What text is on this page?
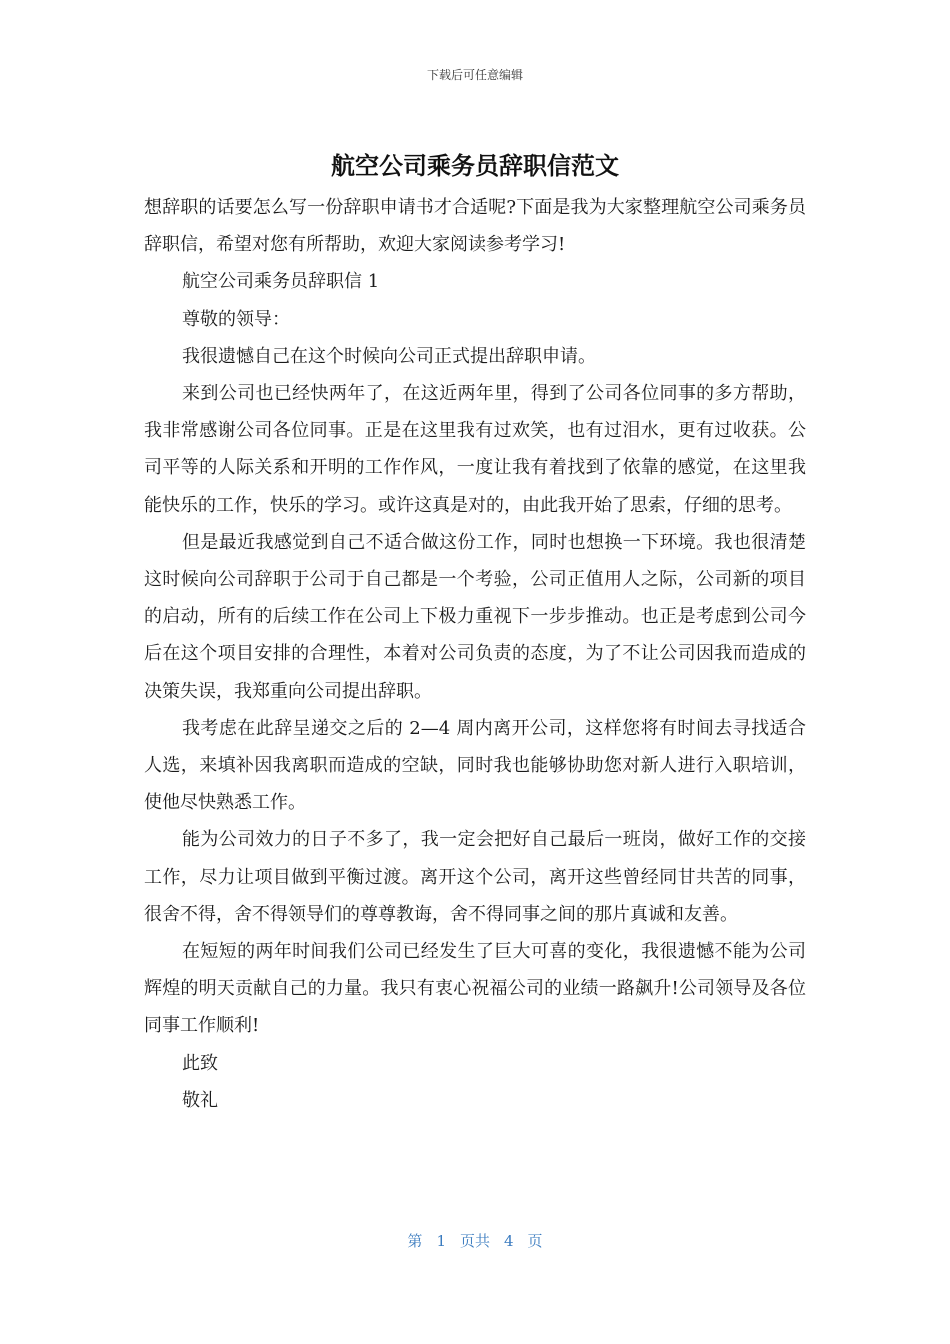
下载后可任意编辑
航空公司乘务员辞职信范文

想辞职的话要怎么写一份辞职申请书才合适呢?下面是我为大家整理航空公司乘务员辞职信，希望对您有所帮助，欢迎大家阅读参考学习!

航空公司乘务员辞职信 1

尊敬的领导：

我很遗憾自己在这个时候向公司正式提出辞职申请。

来到公司也已经快两年了，在这近两年里，得到了公司各位同事的多方帮助，我非常感谢公司各位同事。正是在这里我有过欢笑，也有过泪水，更有过收获。公司平等的人际关系和开明的工作作风，一度让我有着找到了依靠的感觉，在这里我能快乐的工作，快乐的学习。或许这真是对的，由此我开始了思索，仔细的思考。

但是最近我感觉到自己不适合做这份工作，同时也想换一下环境。我也很清楚这时候向公司辞职于公司于自己都是一个考验，公司正值用人之际，公司新的项目的启动，所有的后续工作在公司上下极力重视下一步步推动。也正是考虑到公司今后在这个项目安排的合理性，本着对公司负责的态度，为了不让公司因我而造成的决策失误，我郑重向公司提出辞职。

我考虑在此辞呈递交之后的 2—4 周内离开公司，这样您将有时间去寻找适合人选，来填补因我离职而造成的空缺，同时我也能够协助您对新人进行入职培训，使他尽快熟悉工作。

能为公司效力的日子不多了，我一定会把好自己最后一班岗，做好工作的交接工作，尽力让项目做到平衡过渡。离开这个公司，离开这些曾经同甘共苦的同事，很舍不得，舍不得领导们的尊尊教诲，舍不得同事之间的那片真诚和友善。

在短短的两年时间我们公司已经发生了巨大可喜的变化，我很遗憾不能为公司辉煌的明天贡献自己的力量。我只有衷心祝福公司的业绩一路飙升!公司领导及各位同事工作顺利!

此致

敬礼

第 1 页共 4 页
